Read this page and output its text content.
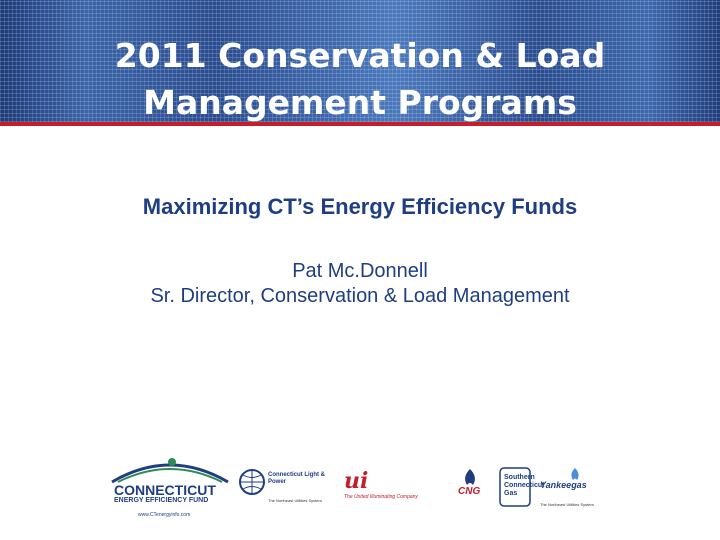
2011 Conservation & Load
Management Programs
Maximizing CT’s Energy Efficiency Funds
Pat Mc.Donnell
Sr. Director, Conservation & Load Management
CONNECTICUT
ENERGY EFFICIENCY FUND
www.CTenergyinfo.com
Connecticut Light & Power
The Northeast Utilities System
ui
The United Illuminating Company	CNG
Southern Connecticut Gas
Yankeegas
The Northeast Utilities System
